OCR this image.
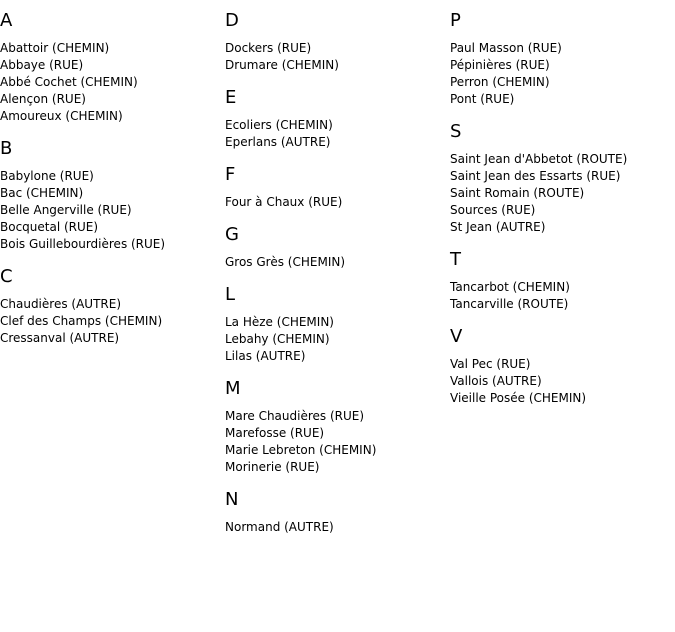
A
Abattoir (CHEMIN)
Abbaye (RUE)
Abbé Cochet (CHEMIN)
Alençon (RUE)
Amoureux (CHEMIN)
B
Babylone (RUE)
Bac (CHEMIN)
Belle Angerville (RUE)
Bocquetal (RUE)
Bois Guillebourdières (RUE)
C
Chaudières (AUTRE)
Clef des Champs (CHEMIN)
Cressanval (AUTRE)
D
Dockers (RUE)
Drumare (CHEMIN)
E
Ecoliers (CHEMIN)
Eperlans (AUTRE)
F
Four à Chaux (RUE)
G
Gros Grès (CHEMIN)
L
La Hèze (CHEMIN)
Lebahy (CHEMIN)
Lilas (AUTRE)
M
Mare Chaudières (RUE)
Marefosse (RUE)
Marie Lebreton (CHEMIN)
Morinerie (RUE)
N
Normand (AUTRE)
P
Paul Masson (RUE)
Pépinières (RUE)
Perron (CHEMIN)
Pont (RUE)
S
Saint Jean d'Abbetot (ROUTE)
Saint Jean des Essarts (RUE)
Saint Romain (ROUTE)
Sources (RUE)
St Jean (AUTRE)
T
Tancarbot (CHEMIN)
Tancarville (ROUTE)
V
Val Pec (RUE)
Vallois (AUTRE)
Vieille Posée (CHEMIN)
